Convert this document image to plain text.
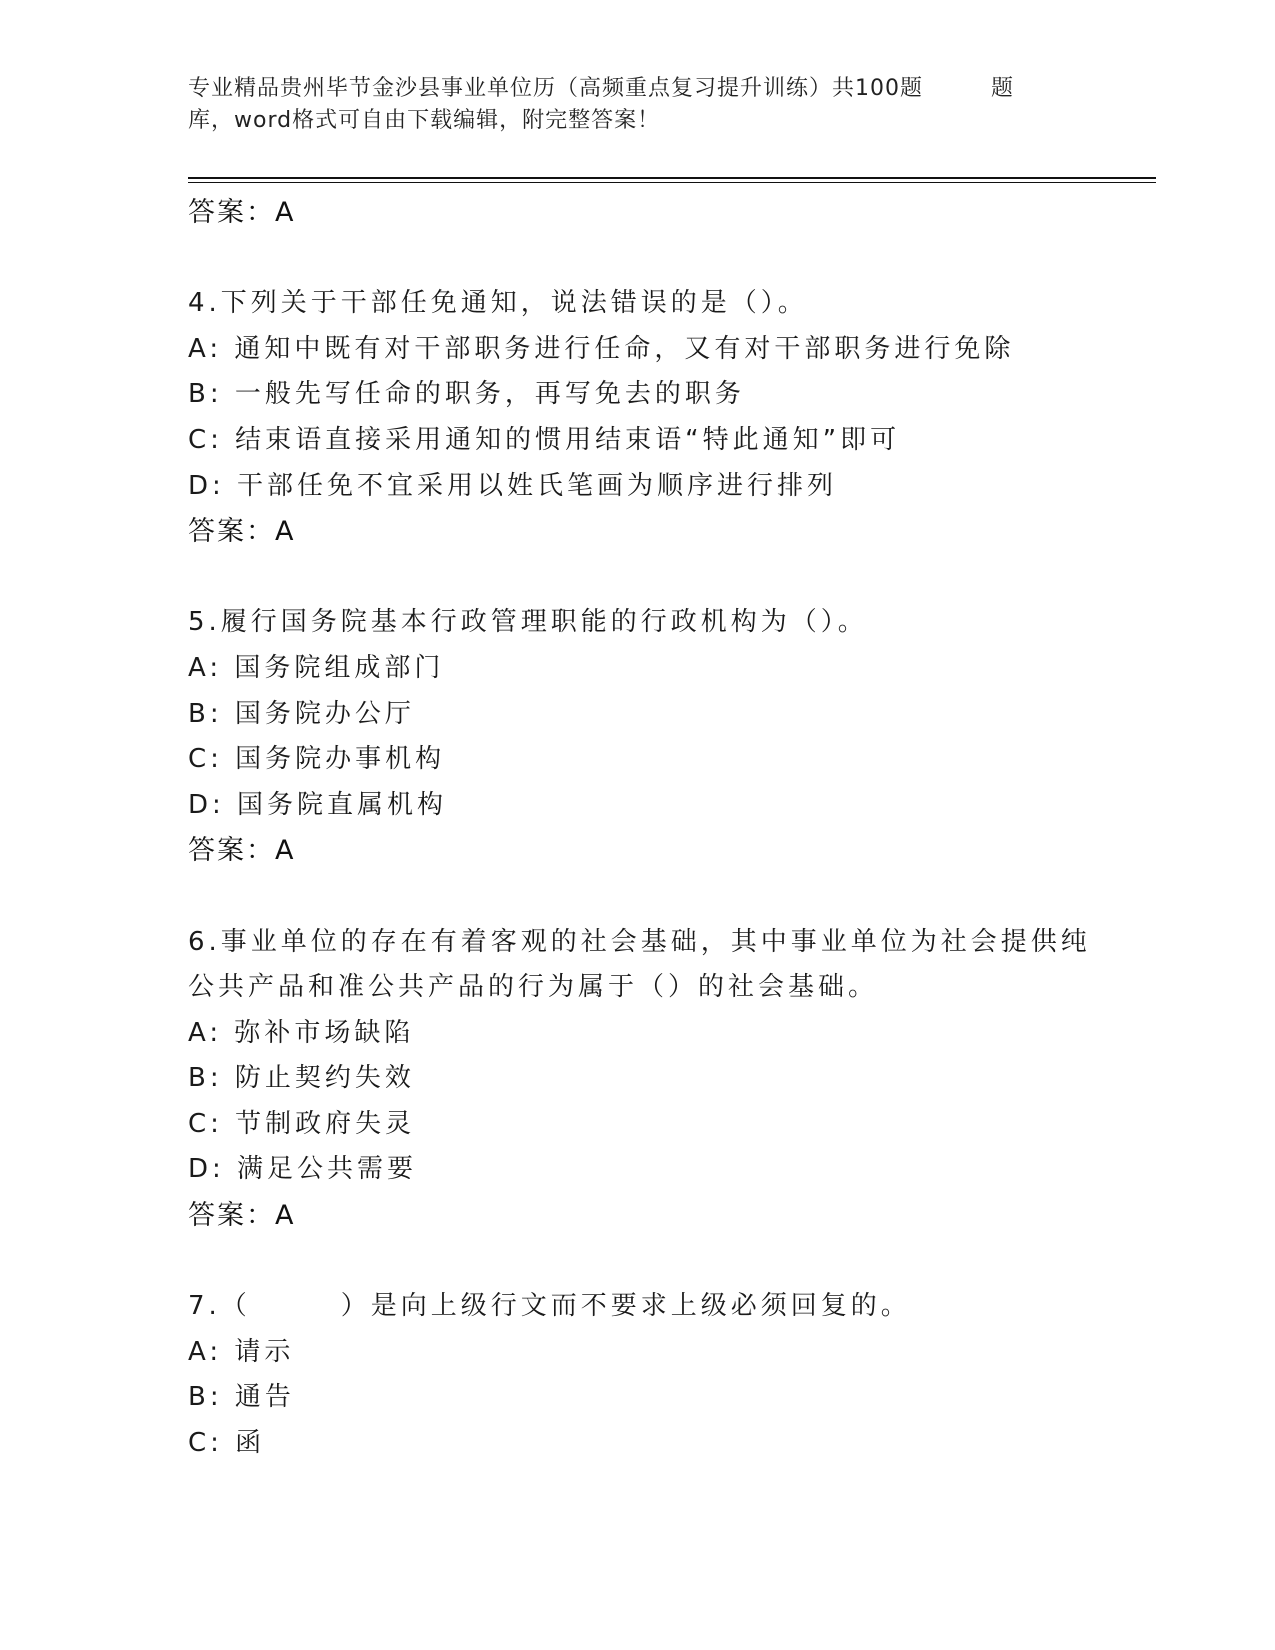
专业精品贵州毕节金沙县事业单位历（高频重点复习提升训练）共100题	题
库，word格式可自由下载编辑，附完整答案！
答案：A
4.下列关于干部任免通知，说法错误的是（）。
A: 通知中既有对干部职务进行任命，又有对干部职务进行免除
B: 一般先写任命的职务，再写免去的职务
C: 结束语直接采用通知的惯用结束语“特此通知”即可
D: 干部任免不宜采用以姓氏笔画为顺序进行排列
答案：A
5.履行国务院基本行政管理职能的行政机构为（）。
A: 国务院组成部门
B: 国务院办公厅
C: 国务院办事机构
D: 国务院直属机构
答案：A
6.事业单位的存在有着客观的社会基础，其中事业单位为社会提供纯
公共产品和准公共产品的行为属于（）的社会基础。
A: 弥补市场缺陷
B: 防止契约失效
C: 节制政府失灵
D: 满足公共需要
答案：A
7.（　　　）是向上级行文而不要求上级必须回复的。
A: 请示
B: 通告
C: 函
